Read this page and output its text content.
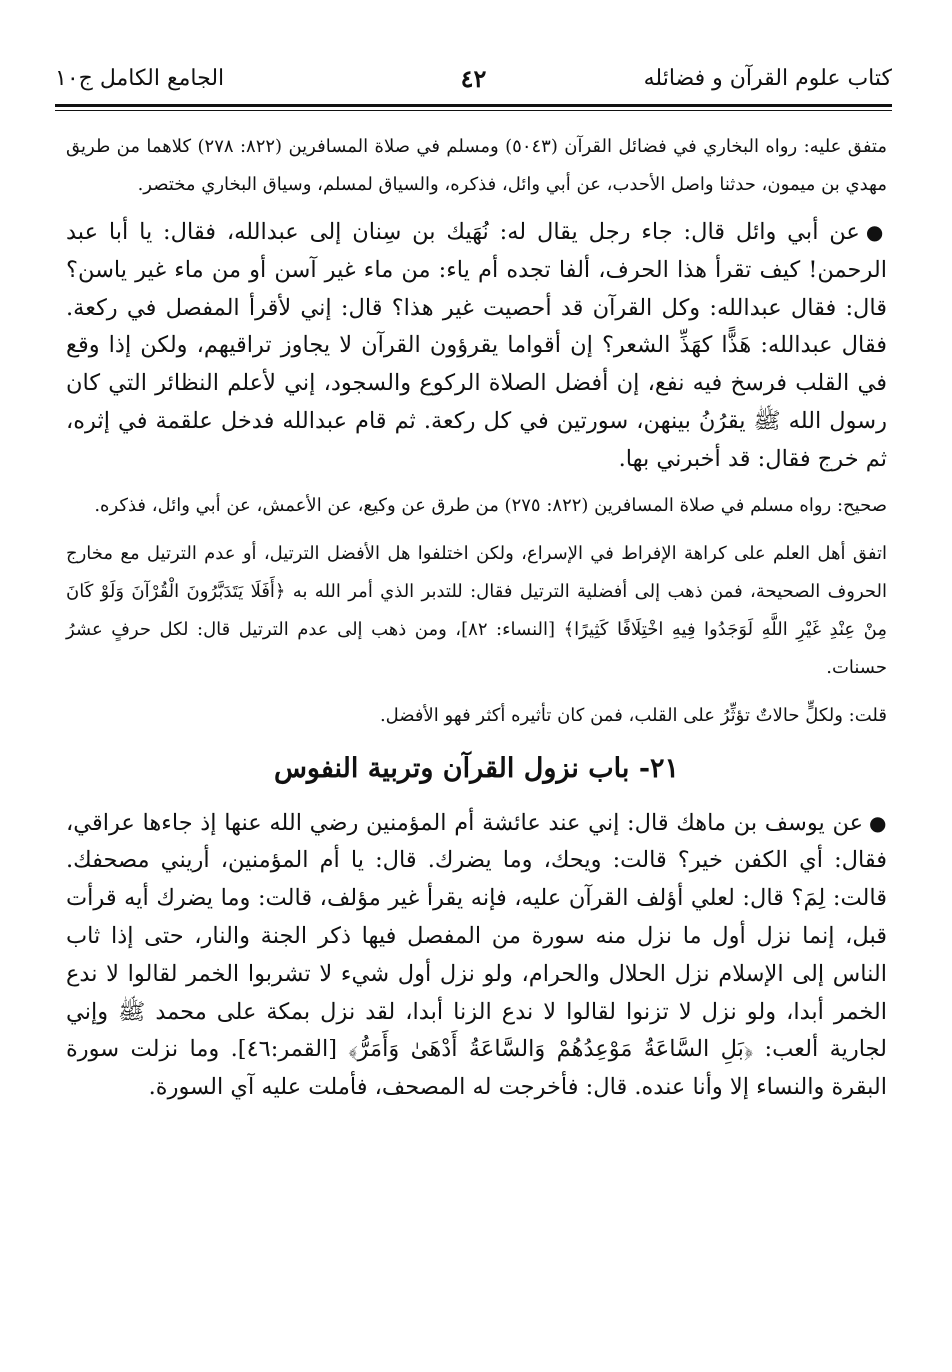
كتاب علوم القرآن و فضائله
٤٢
الجامع الكامل ج١٠

متفق عليه: رواه البخاري في فضائل القرآن (٥٠٤٣) ومسلم في صلاة المسافرين (٨٢٢: ٢٧٨) كلاهما من طريق مهدي بن ميمون، حدثنا واصل الأحدب، عن أبي وائل، فذكره، والسياق لمسلم، وسياق البخاري مختصر.

●عن أبي وائل قال: جاء رجل يقال له: نُهَيك بن سِنان إلى عبدالله، فقال: يا أبا عبد الرحمن! كيف تقرأ هذا الحرف، ألفا تجده أم ياء: من ماء غير آسن أو من ماء غير ياسن؟ قال: فقال عبدالله: وكل القرآن قد أحصيت غير هذا؟ قال: إني لأقرأ المفصل في ركعة. فقال عبدالله: هَذًّا كهَذِّ الشعر؟ إن أقواما يقرؤون القرآن لا يجاوز تراقيهم، ولكن إذا وقع في القلب فرسخ فيه نفع، إن أفضل الصلاة الركوع والسجود، إني لأعلم النظائر التي كان رسول الله ﷺ يقرُنُ بينهن، سورتين في كل ركعة. ثم قام عبدالله فدخل علقمة في إثره، ثم خرج فقال: قد أخبرني بها.

صحيح: رواه مسلم في صلاة المسافرين (٨٢٢: ٢٧٥) من طرق عن وكيع، عن الأعمش، عن أبي وائل، فذكره.

اتفق أهل العلم على كراهة الإفراط في الإسراع، ولكن اختلفوا هل الأفضل الترتيل، أو عدم الترتيل مع مخارج الحروف الصحيحة، فمن ذهب إلى أفضلية الترتيل فقال: للتدبر الذي أمر الله به ﴿أَفَلَا يَتَدَبَّرُونَ الْقُرْآنَ وَلَوْ كَانَ مِنْ عِنْدِ غَيْرِ اللَّهِ لَوَجَدُوا فِيهِ اخْتِلَافًا كَثِيرًا﴾ [النساء: ٨٢]، ومن ذهب إلى عدم الترتيل قال: لكل حرفٍ عشرُ حسنات.

قلت: ولكلٍّ حالاتٌ تؤثِّرُ على القلب، فمن كان تأثيره أكثر فهو الأفضل.

٢١- باب نزول القرآن وتربية النفوس

●عن يوسف بن ماهك قال: إني عند عائشة أم المؤمنين رضي الله عنها إذ جاءها عراقي، فقال: أي الكفن خير؟ قالت: ويحك، وما يضرك. قال: يا أم المؤمنين، أريني مصحفك. قالت: لِمَ؟ قال: لعلي أؤلف القرآن عليه، فإنه يقرأ غير مؤلف، قالت: وما يضرك أيه قرأت قبل، إنما نزل أول ما نزل منه سورة من المفصل فيها ذكر الجنة والنار، حتى إذا ثاب الناس إلى الإسلام نزل الحلال والحرام، ولو نزل أول شيء لا تشربوا الخمر لقالوا لا ندع الخمر أبدا، ولو نزل لا تزنوا لقالوا لا ندع الزنا أبدا، لقد نزل بمكة على محمد ﷺ وإني لجارية ألعب: ﴿بَلِ السَّاعَةُ مَوْعِدُهُمْ وَالسَّاعَةُ أَدْهَىٰ وَأَمَرُّ﴾ [القمر:٤٦]. وما نزلت سورة البقرة والنساء إلا وأنا عنده. قال: فأخرجت له المصحف، فأملت عليه آي السورة.
